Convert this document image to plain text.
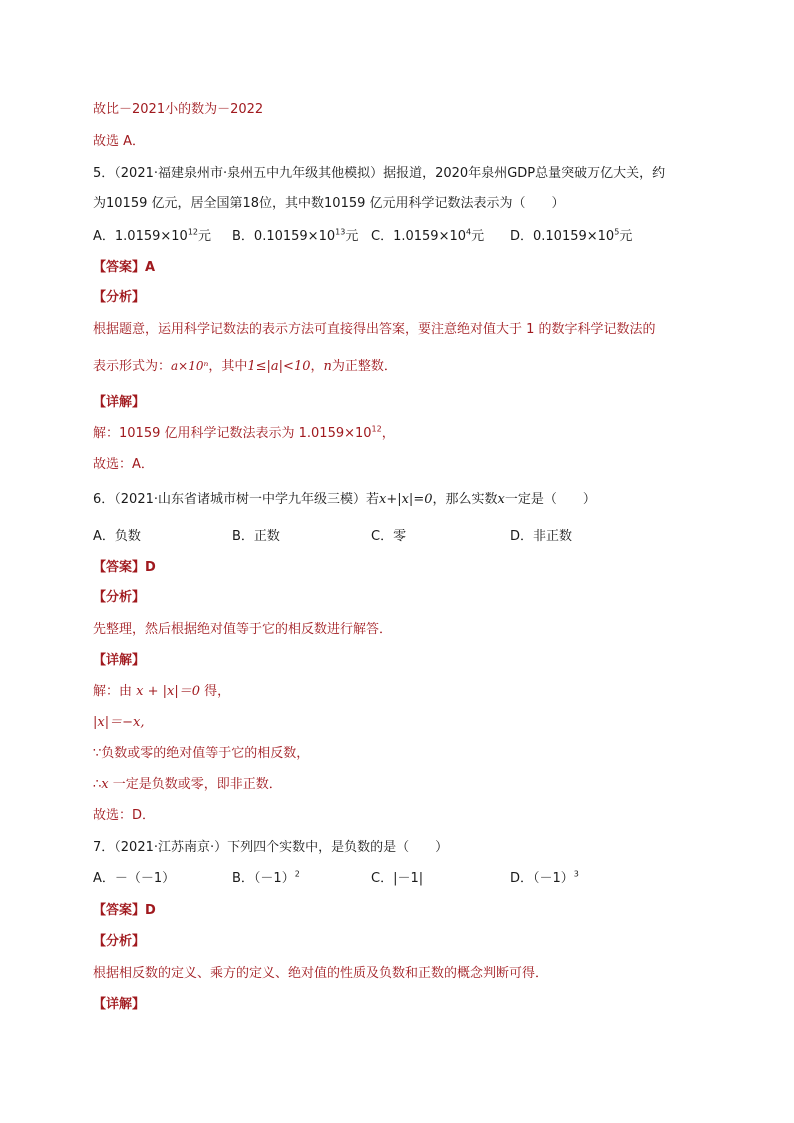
故比－2021小的数为－2022
故选 A．
5．（2021·福建泉州市·泉州五中九年级其他模拟）据报道，2020年泉州GDP总量突破万亿大关，约
为10159 亿元，居全国第18位，其中数10159 亿元用科学记数法表示为（　　）
A．$1.0159\times 10^{12}$元 B．$0.10159\times 10^{13}$元 C．$1.0159\times 10^4$元 D．$0.10159\times 10^5$元
【答案】A
【分析】
根据题意，运用科学记数法的表示方法可直接得出答案，要注意绝对值大于 1 的数字科学记数法的
表示形式为：a×10ⁿ，其中1≤|a|<10，n为正整数．
【详解】
解：10159 亿用科学记数法表示为 $1.0159\times 10^{12}$，
故选：A．
6．（2021·山东省诸城市树一中学九年级三模）若x+|x|=0，那么实数x一定是（　　）
A．负数	B．正数	C．零	D．非正数
【答案】D
【分析】
先整理，然后根据绝对值等于它的相反数进行解答．
【详解】
解：由 x + |x|＝0 得，
|x|＝−x,
∵负数或零的绝对值等于它的相反数，
∴x 一定是负数或零，即非正数．
故选：D．
7．（2021·江苏南京·）下列四个实数中，是负数的是（　　）
A．－（－1）	B．$(-1)^2$	C．|－1|	D．$(-1)^3$
【答案】D
【分析】
根据相反数的定义、乘方的定义、绝对值的性质及负数和正数的概念判断可得．
【详解】
